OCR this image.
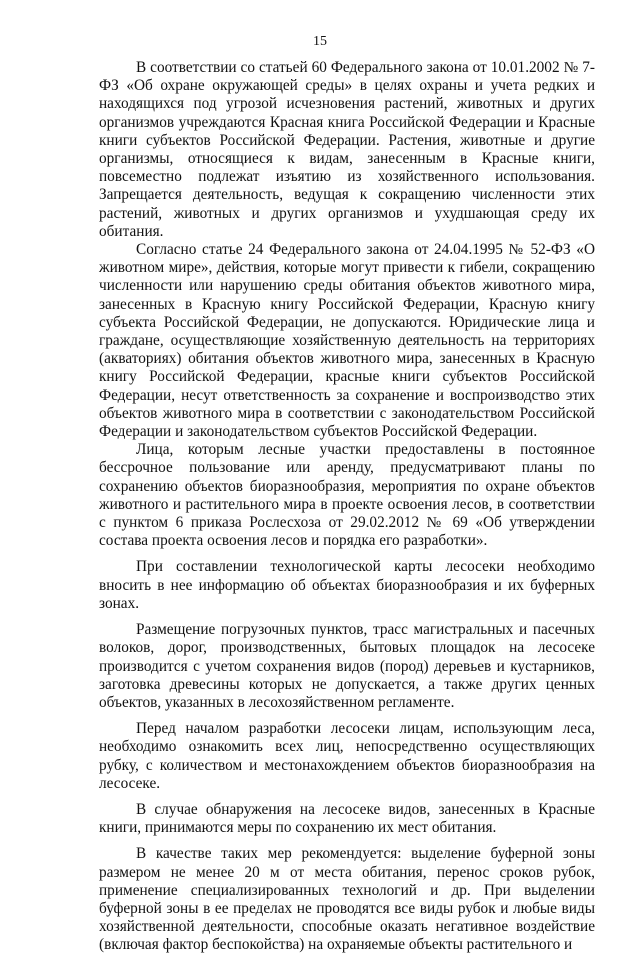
15

В соответствии со статьей 60 Федерального закона от 10.01.2002 № 7-ФЗ «Об охране окружающей среды» в целях охраны и учета редких и находящихся под угрозой исчезновения растений, животных и других организмов учреждаются Красная книга Российской Федерации и Красные книги субъектов Российской Федерации. Растения, животные и другие организмы, относящиеся к видам, занесенным в Красные книги, повсеместно подлежат изъятию из хозяйственного использования. Запрещается деятельность, ведущая к сокращению численности этих растений, животных и других организмов и ухудшающая среду их обитания.

Согласно статье 24 Федерального закона от 24.04.1995 № 52-ФЗ «О животном мире», действия, которые могут привести к гибели, сокращению численности или нарушению среды обитания объектов животного мира, занесенных в Красную книгу Российской Федерации, Красную книгу субъекта Российской Федерации, не допускаются. Юридические лица и граждане, осуществляющие хозяйственную деятельность на территориях (акваториях) обитания объектов животного мира, занесенных в Красную книгу Российской Федерации, красные книги субъектов Российской Федерации, несут ответственность за сохранение и воспроизводство этих объектов животного мира в соответствии с законодательством Российской Федерации и законодательством субъектов Российской Федерации.

Лица, которым лесные участки предоставлены в постоянное бессрочное пользование или аренду, предусматривают планы по сохранению объектов биоразнообразия, мероприятия по охране объектов животного и растительного мира в проекте освоения лесов, в соответствии с пунктом 6 приказа Рослесхоза от 29.02.2012 № 69 «Об утверждении состава проекта освоения лесов и порядка его разработки».

При составлении технологической карты лесосеки необходимо вносить в нее информацию об объектах биоразнообразия и их буферных зонах.

Размещение погрузочных пунктов, трасс магистральных и пасечных волоков, дорог, производственных, бытовых площадок на лесосеке производится с учетом сохранения видов (пород) деревьев и кустарников, заготовка древесины которых не допускается, а также других ценных объектов, указанных в лесохозяйственном регламенте.

Перед началом разработки лесосеки лицам, использующим леса, необходимо ознакомить всех лиц, непосредственно осуществляющих рубку, с количеством и местонахождением объектов биоразнообразия на лесосеке.

В случае обнаружения на лесосеке видов, занесенных в Красные книги, принимаются меры по сохранению их мест обитания.

В качестве таких мер рекомендуется: выделение буферной зоны размером не менее 20 м от места обитания, перенос сроков рубок, применение специализированных технологий и др. При выделении буферной зоны в ее пределах не проводятся все виды рубок и любые виды хозяйственной деятельности, способные оказать негативное воздействие (включая фактор беспокойства) на охраняемые объекты растительного и
